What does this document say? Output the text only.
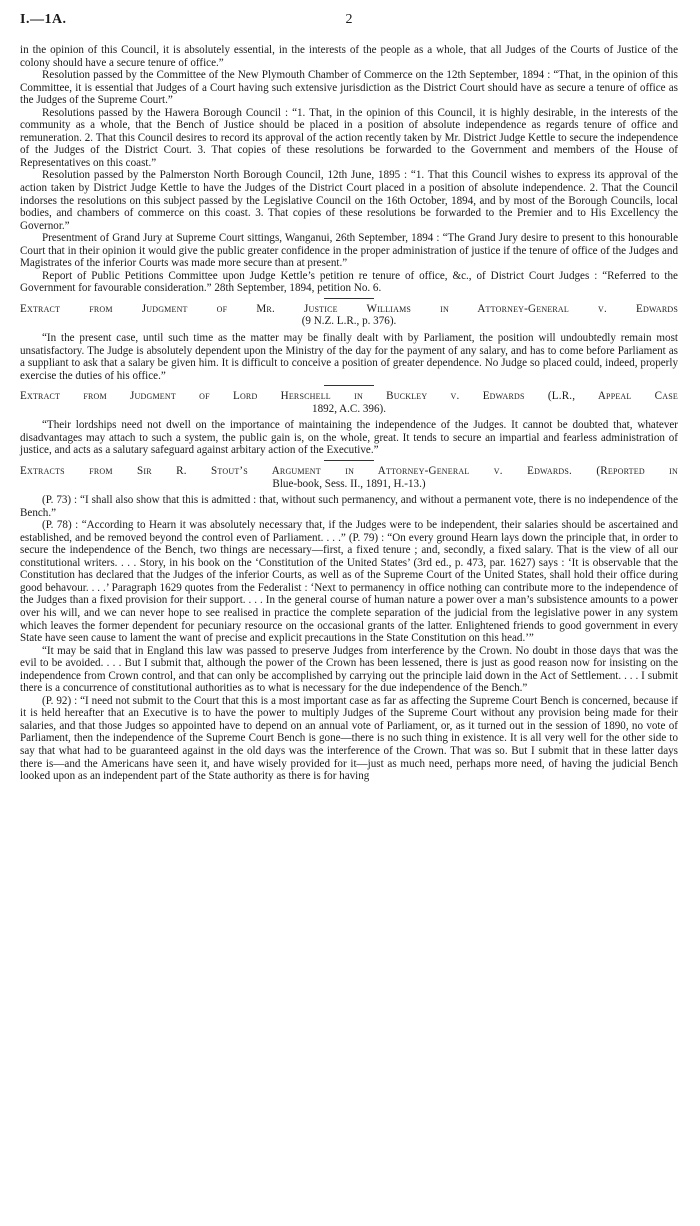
I.—1A.	2

in the opinion of this Council, it is absolutely essential, in the interests of the people as a whole, that all Judges of the Courts of Justice of the colony should have a secure tenure of office.”

Resolution passed by the Committee of the New Plymouth Chamber of Commerce on the 12th September, 1894 : “That, in the opinion of this Committee, it is essential that Judges of a Court having such extensive jurisdiction as the District Court should have as secure a tenure of office as the Judges of the Supreme Court.”

Resolutions passed by the Hawera Borough Council : “1. That, in the opinion of this Council, it is highly desirable, in the interests of the community as a whole, that the Bench of Justice should be placed in a position of absolute independence as regards tenure of office and remuneration. 2. That this Council desires to record its approval of the action recently taken by Mr. District Judge Kettle to secure the independence of the Judges of the District Court. 3. That copies of these resolutions be forwarded to the Government and members of the House of Representatives on this coast.”

Resolution passed by the Palmerston North Borough Council, 12th June, 1895 : “1. That this Council wishes to express its approval of the action taken by District Judge Kettle to have the Judges of the District Court placed in a position of absolute independence. 2. That the Council indorses the resolutions on this subject passed by the Legislative Council on the 16th October, 1894, and by most of the Borough Councils, local bodies, and chambers of commerce on this coast. 3. That copies of these resolutions be forwarded to the Premier and to His Excellency the Governor.”

Presentment of Grand Jury at Supreme Court sittings, Wanganui, 26th September, 1894 : “The Grand Jury desire to present to this honourable Court that in their opinion it would give the public greater confidence in the proper administration of justice if the tenure of office of the Judges and Magistrates of the inferior Courts was made more secure than at present.”

Report of Public Petitions Committee upon Judge Kettle’s petition re tenure of office, &c., of District Court Judges : “Referred to the Government for favourable consideration.” 28th September, 1894, petition No. 6.

Extract from Judgment of Mr. Justice Williams in Attorney-General v. Edwards
(9 N.Z. L.R., p. 376).

“In the present case, until such time as the matter may be finally dealt with by Parliament, the position will undoubtedly remain most unsatisfactory. The Judge is absolutely dependent upon the Ministry of the day for the payment of any salary, and has to come before Parliament as a suppliant to ask that a salary be given him. It is difficult to conceive a position of greater dependence. No Judge so placed could, indeed, properly exercise the duties of his office.”

Extract from Judgment of Lord Herschell in Buckley v. Edwards (L.R., Appeal Case
1892, A.C. 396).

“Their lordships need not dwell on the importance of maintaining the independence of the Judges. It cannot be doubted that, whatever disadvantages may attach to such a system, the public gain is, on the whole, great. It tends to secure an impartial and fearless administration of justice, and acts as a salutary safeguard against arbitary action of the Executive.”

Extracts from Sir R. Stout’s Argument in Attorney-General v. Edwards. (Reported in
Blue-book, Sess. II., 1891, H.-13.)

(P. 73) : “I shall also show that this is admitted : that, without such permanency, and without a permanent vote, there is no independence of the Bench.”

(P. 78) : “According to Hearn it was absolutely necessary that, if the Judges were to be independent, their salaries should be ascertained and established, and be removed beyond the control even of Parliament. . . .” (P. 79) : “On every ground Hearn lays down the principle that, in order to secure the independence of the Bench, two things are necessary—first, a fixed tenure ; and, secondly, a fixed salary. That is the view of all our constitutional writers. . . . Story, in his book on the ‘Constitution of the United States’ (3rd ed., p. 473, par. 1627) says : ‘It is observable that the Constitution has declared that the Judges of the inferior Courts, as well as of the Supreme Court of the United States, shall hold their office during good behavour. . . .’ Paragraph 1629 quotes from the Federalist : ‘Next to permanency in office nothing can contribute more to the independence of the Judges than a fixed provision for their support. . . . In the general course of human nature a power over a man’s subsistence amounts to a power over his will, and we can never hope to see realised in practice the complete separation of the judicial from the legislative power in any system which leaves the former dependent for pecuniary resource on the occasional grants of the latter. Enlightened friends to good government in every State have seen cause to lament the want of precise and explicit precautions in the State Constitution on this head.’”

“It may be said that in England this law was passed to preserve Judges from interference by the Crown. No doubt in those days that was the evil to be avoided. . . . But I submit that, although the power of the Crown has been lessened, there is just as good reason now for insisting on the independence from Crown control, and that can only be accomplished by carrying out the principle laid down in the Act of Settlement. . . . I submit there is a concurrence of constitutional authorities as to what is necessary for the due independence of the Bench.”

(P. 92) : “I need not submit to the Court that this is a most important case as far as affecting the Supreme Court Bench is concerned, because if it is held hereafter that an Executive is to have the power to multiply Judges of the Supreme Court without any provision being made for their salaries, and that those Judges so appointed have to depend on an annual vote of Parliament, or, as it turned out in the session of 1890, no vote of Parliament, then the independence of the Supreme Court Bench is gone—there is no such thing in existence. It is all very well for the other side to say that what had to be guaranteed against in the old days was the interference of the Crown. That was so. But I submit that in these latter days there is—and the Americans have seen it, and have wisely provided for it—just as much need, perhaps more need, of having the judicial Bench looked upon as an independent part of the State authority as there is for having
